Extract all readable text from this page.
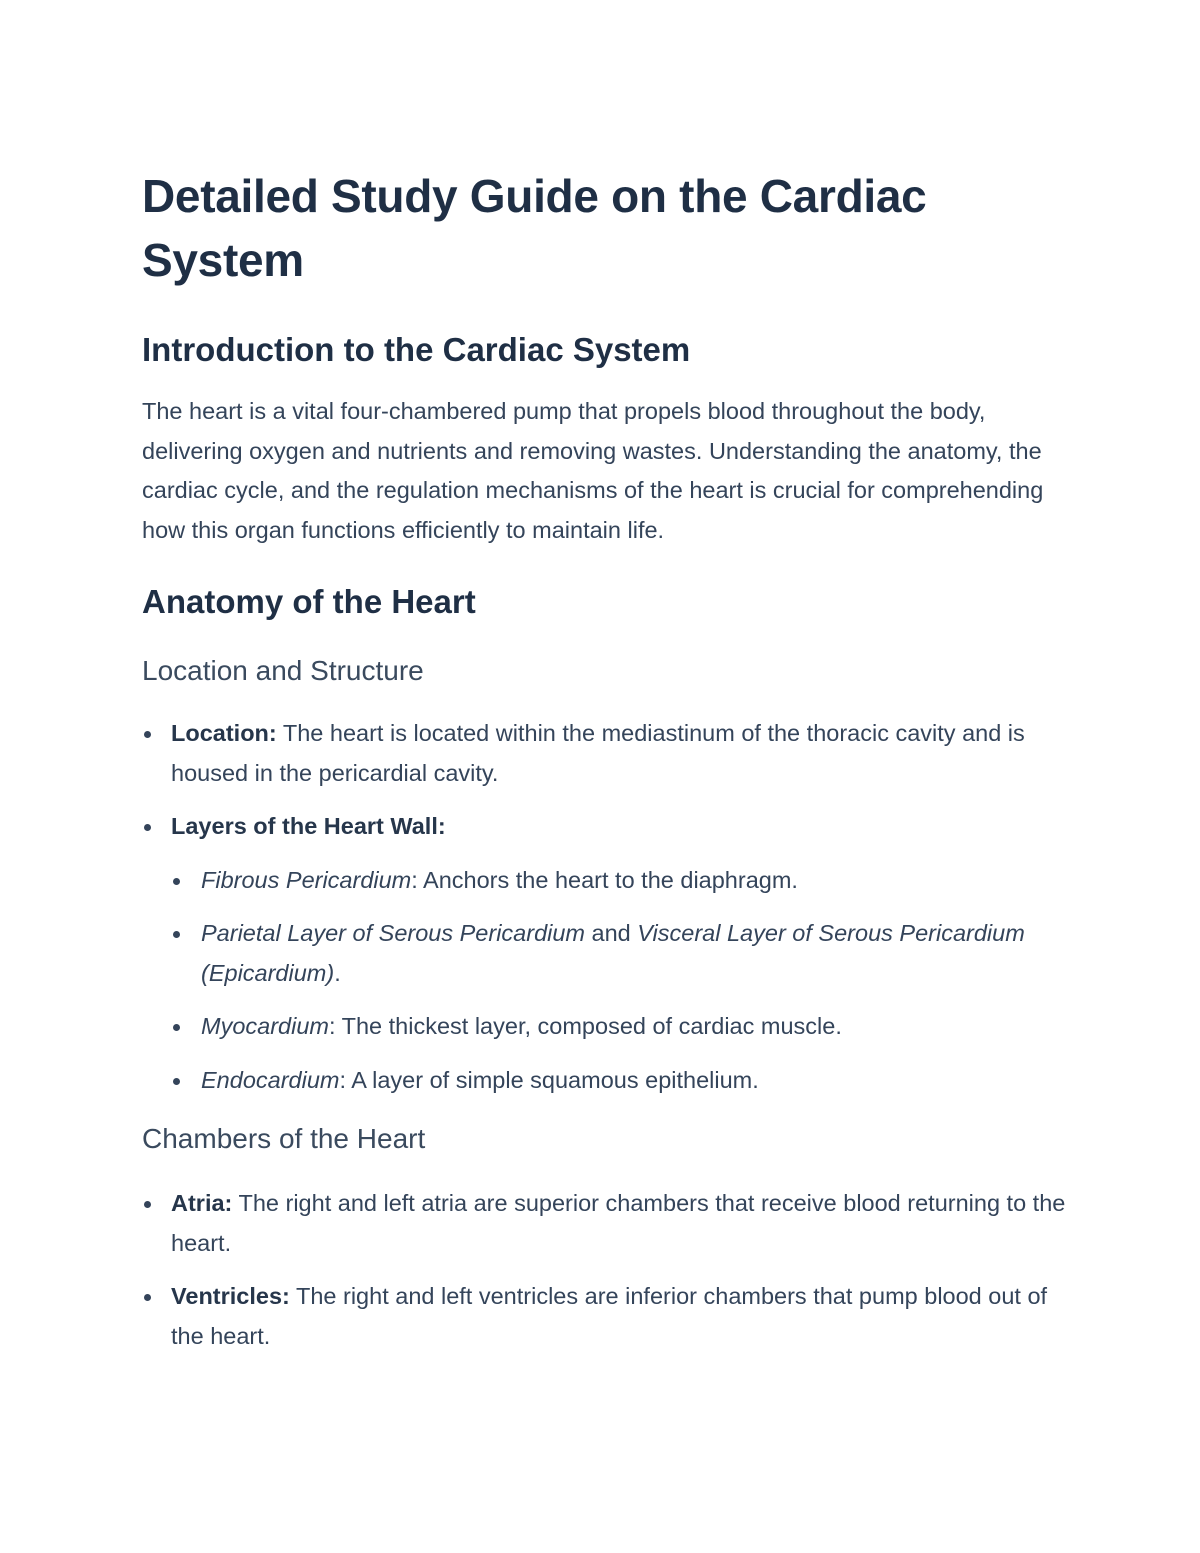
Detailed Study Guide on the Cardiac System
Introduction to the Cardiac System

The heart is a vital four-chambered pump that propels blood throughout the body, delivering oxygen and nutrients and removing wastes. Understanding the anatomy, the cardiac cycle, and the regulation mechanisms of the heart is crucial for comprehending how this organ functions efficiently to maintain life.

Anatomy of the Heart
Location and Structure
Location: The heart is located within the mediastinum of the thoracic cavity and is housed in the pericardial cavity.
Layers of the Heart Wall:
Fibrous Pericardium: Anchors the heart to the diaphragm.
Parietal Layer of Serous Pericardium and Visceral Layer of Serous Pericardium (Epicardium).
Myocardium: The thickest layer, composed of cardiac muscle.
Endocardium: A layer of simple squamous epithelium.
Chambers of the Heart
Atria: The right and left atria are superior chambers that receive blood returning to the heart.
Ventricles: The right and left ventricles are inferior chambers that pump blood out of the heart.
